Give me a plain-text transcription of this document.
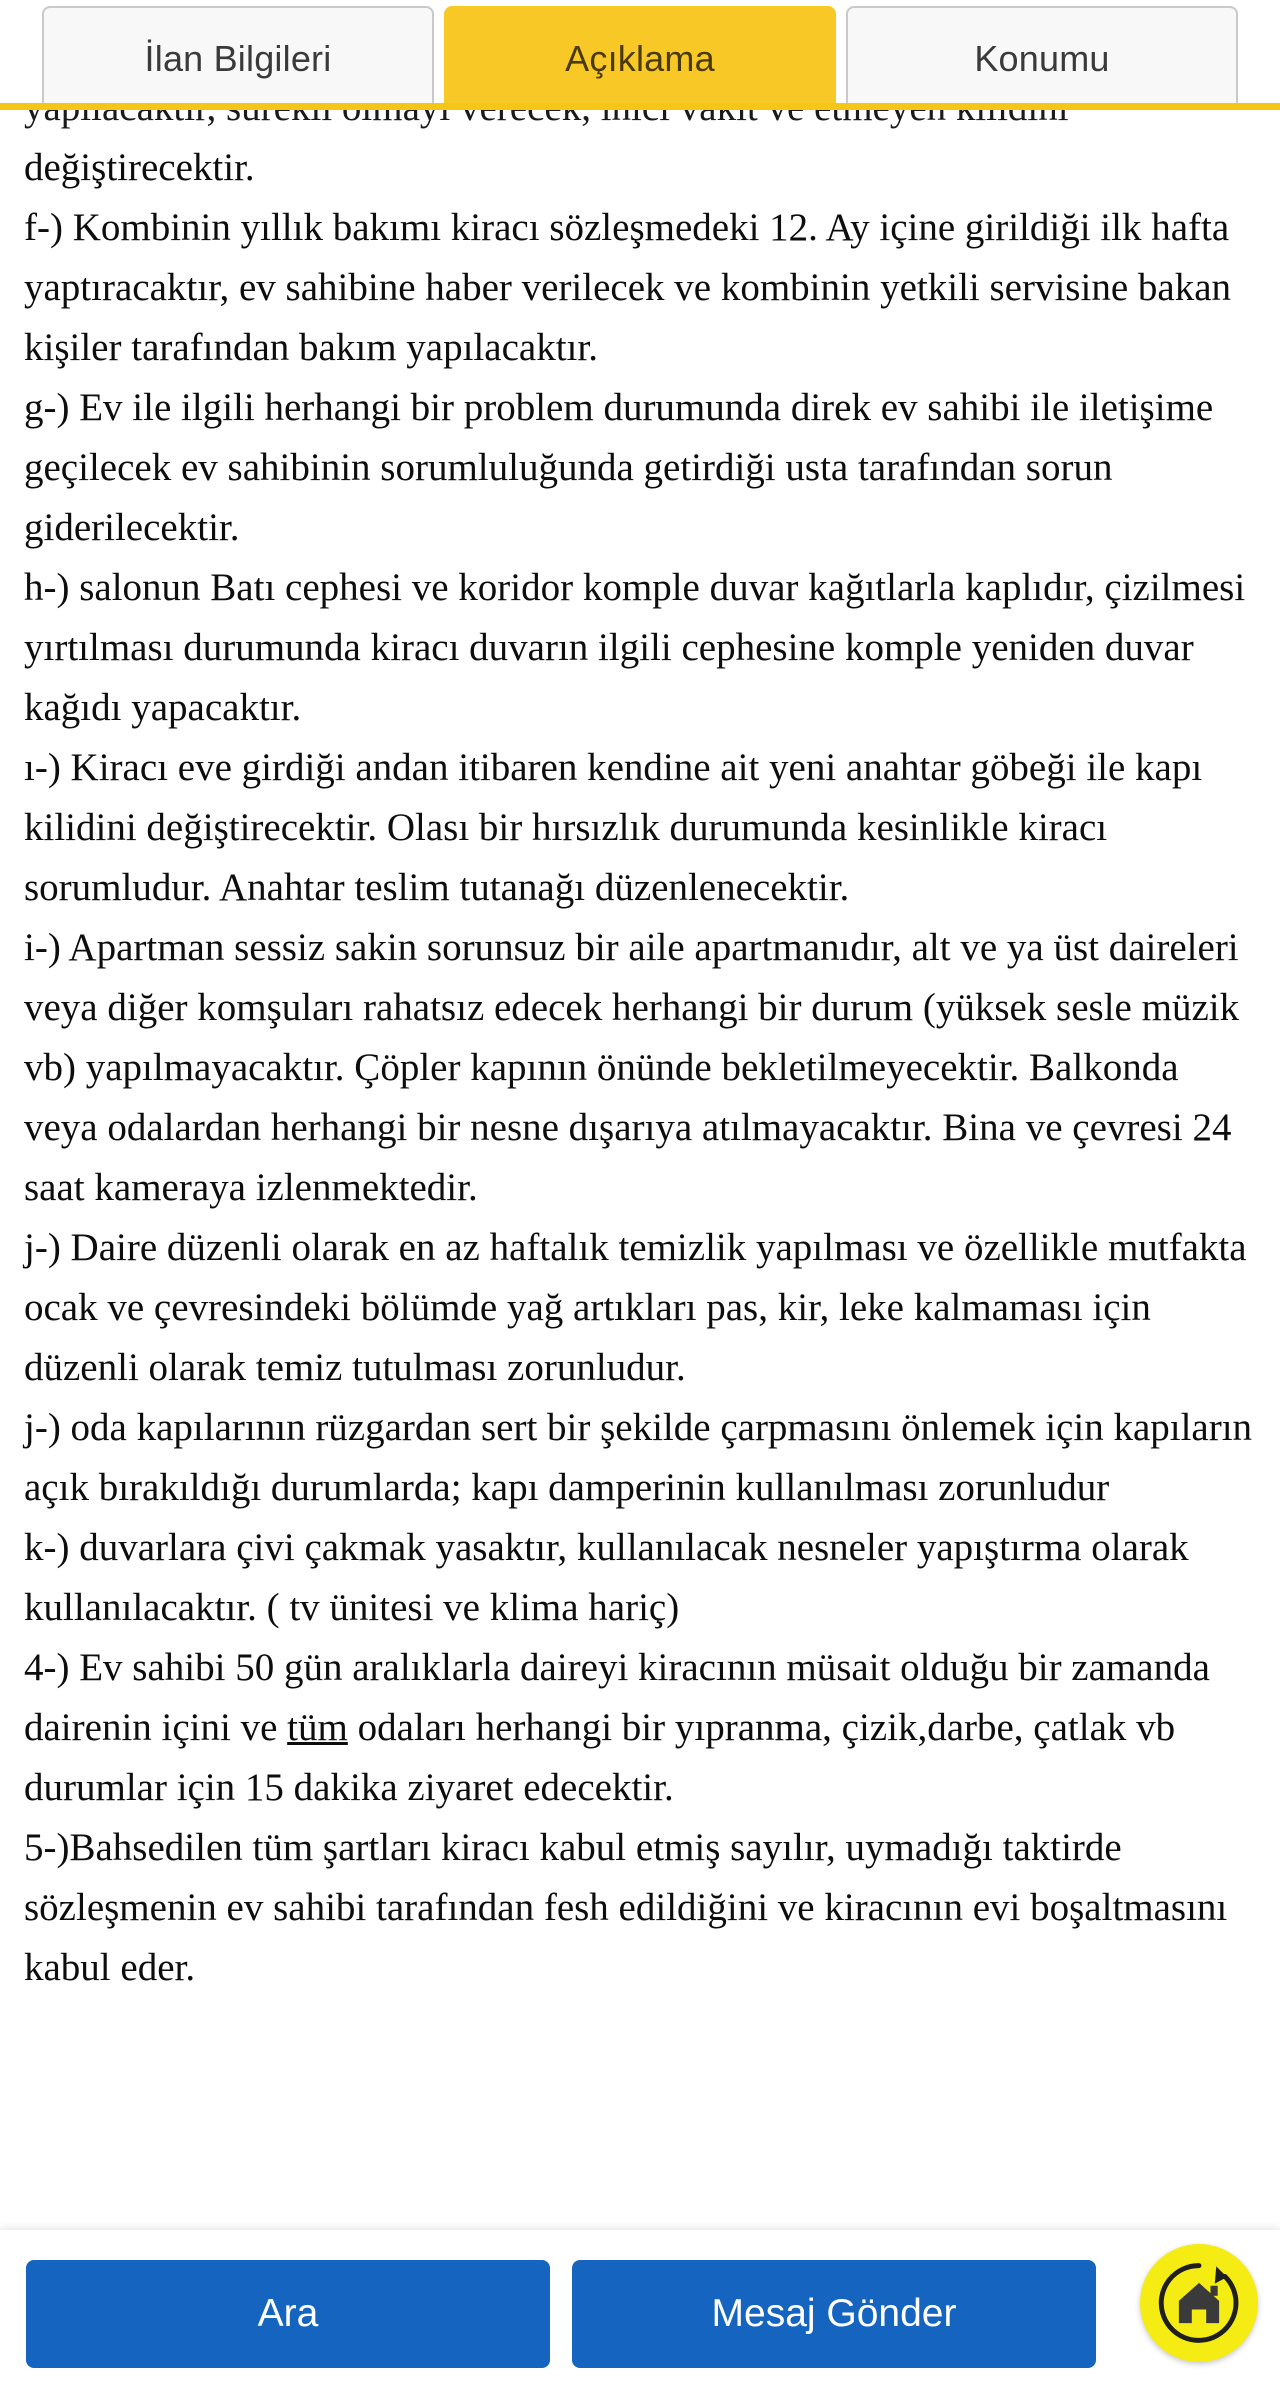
İlan Bilgileri	Açıklama	Konumu

değiştirecektir.

f-) Kombinin yıllık bakımı kiracı sözleşmedeki 12. Ay içine girildiği ilk hafta yaptıracaktır, ev sahibine haber verilecek ve kombinin yetkili servisine bakan kişiler tarafından bakım yapılacaktır.

g-) Ev ile ilgili herhangi bir problem durumunda direk ev sahibi ile iletişime geçilecek ev sahibinin sorumluluğunda getirdiği usta tarafından sorun giderilecektir.

h-) salonun Batı cephesi ve koridor komple duvar kağıtlarla kaplıdır, çizilmesi yırtılması durumunda kiracı duvarın ilgili cephesine komple yeniden duvar kağıdı yapacaktır.

ı-) Kiracı eve girdiği andan itibaren kendine ait yeni anahtar göbeği ile kapı kilidini değiştirecektir. Olası bir hırsızlık durumunda kesinlikle kiracı sorumludur. Anahtar teslim tutanağı düzenlenecektir.

i-) Apartman sessiz sakin sorunsuz bir aile apartmanıdır, alt ve ya üst daireleri veya diğer komşuları rahatsız edecek herhangi bir durum (yüksek sesle müzik vb) yapılmayacaktır. Çöpler kapının önünde bekletilmeyecektir. Balkonda veya odalardan herhangi bir nesne dışarıya atılmayacaktır. Bina ve çevresi 24 saat kameraya izlenmektedir.

j-) Daire düzenli olarak en az haftalık temizlik yapılması ve özellikle mutfakta ocak ve çevresindeki bölümde yağ artıkları pas, kir, leke kalmaması için düzenli olarak temiz tutulması zorunludur.

j-) oda kapılarının rüzgardan sert bir şekilde çarpmasını önlemek için kapıların açık bırakıldığı durumlarda; kapı damperinin kullanılması zorunludur

k-) duvarlara çivi çakmak yasaktır, kullanılacak nesneler yapıştırma olarak kullanılacaktır. ( tv ünitesi ve klima hariç)

4-) Ev sahibi 50 gün aralıklarla daireyi kiracının müsait olduğu bir zamanda dairenin içini ve tüm odaları herhangi bir yıpranma, çizik,darbe, çatlak vb durumlar için 15 dakika ziyaret edecektir.

5-)Bahsedilen tüm şartları kiracı kabul etmiş sayılır, uymadığı taktirde sözleşmenin ev sahibi tarafından fesh edildiğini ve kiracının evi boşaltmasını kabul eder.

Ara	Mesaj Gönder
